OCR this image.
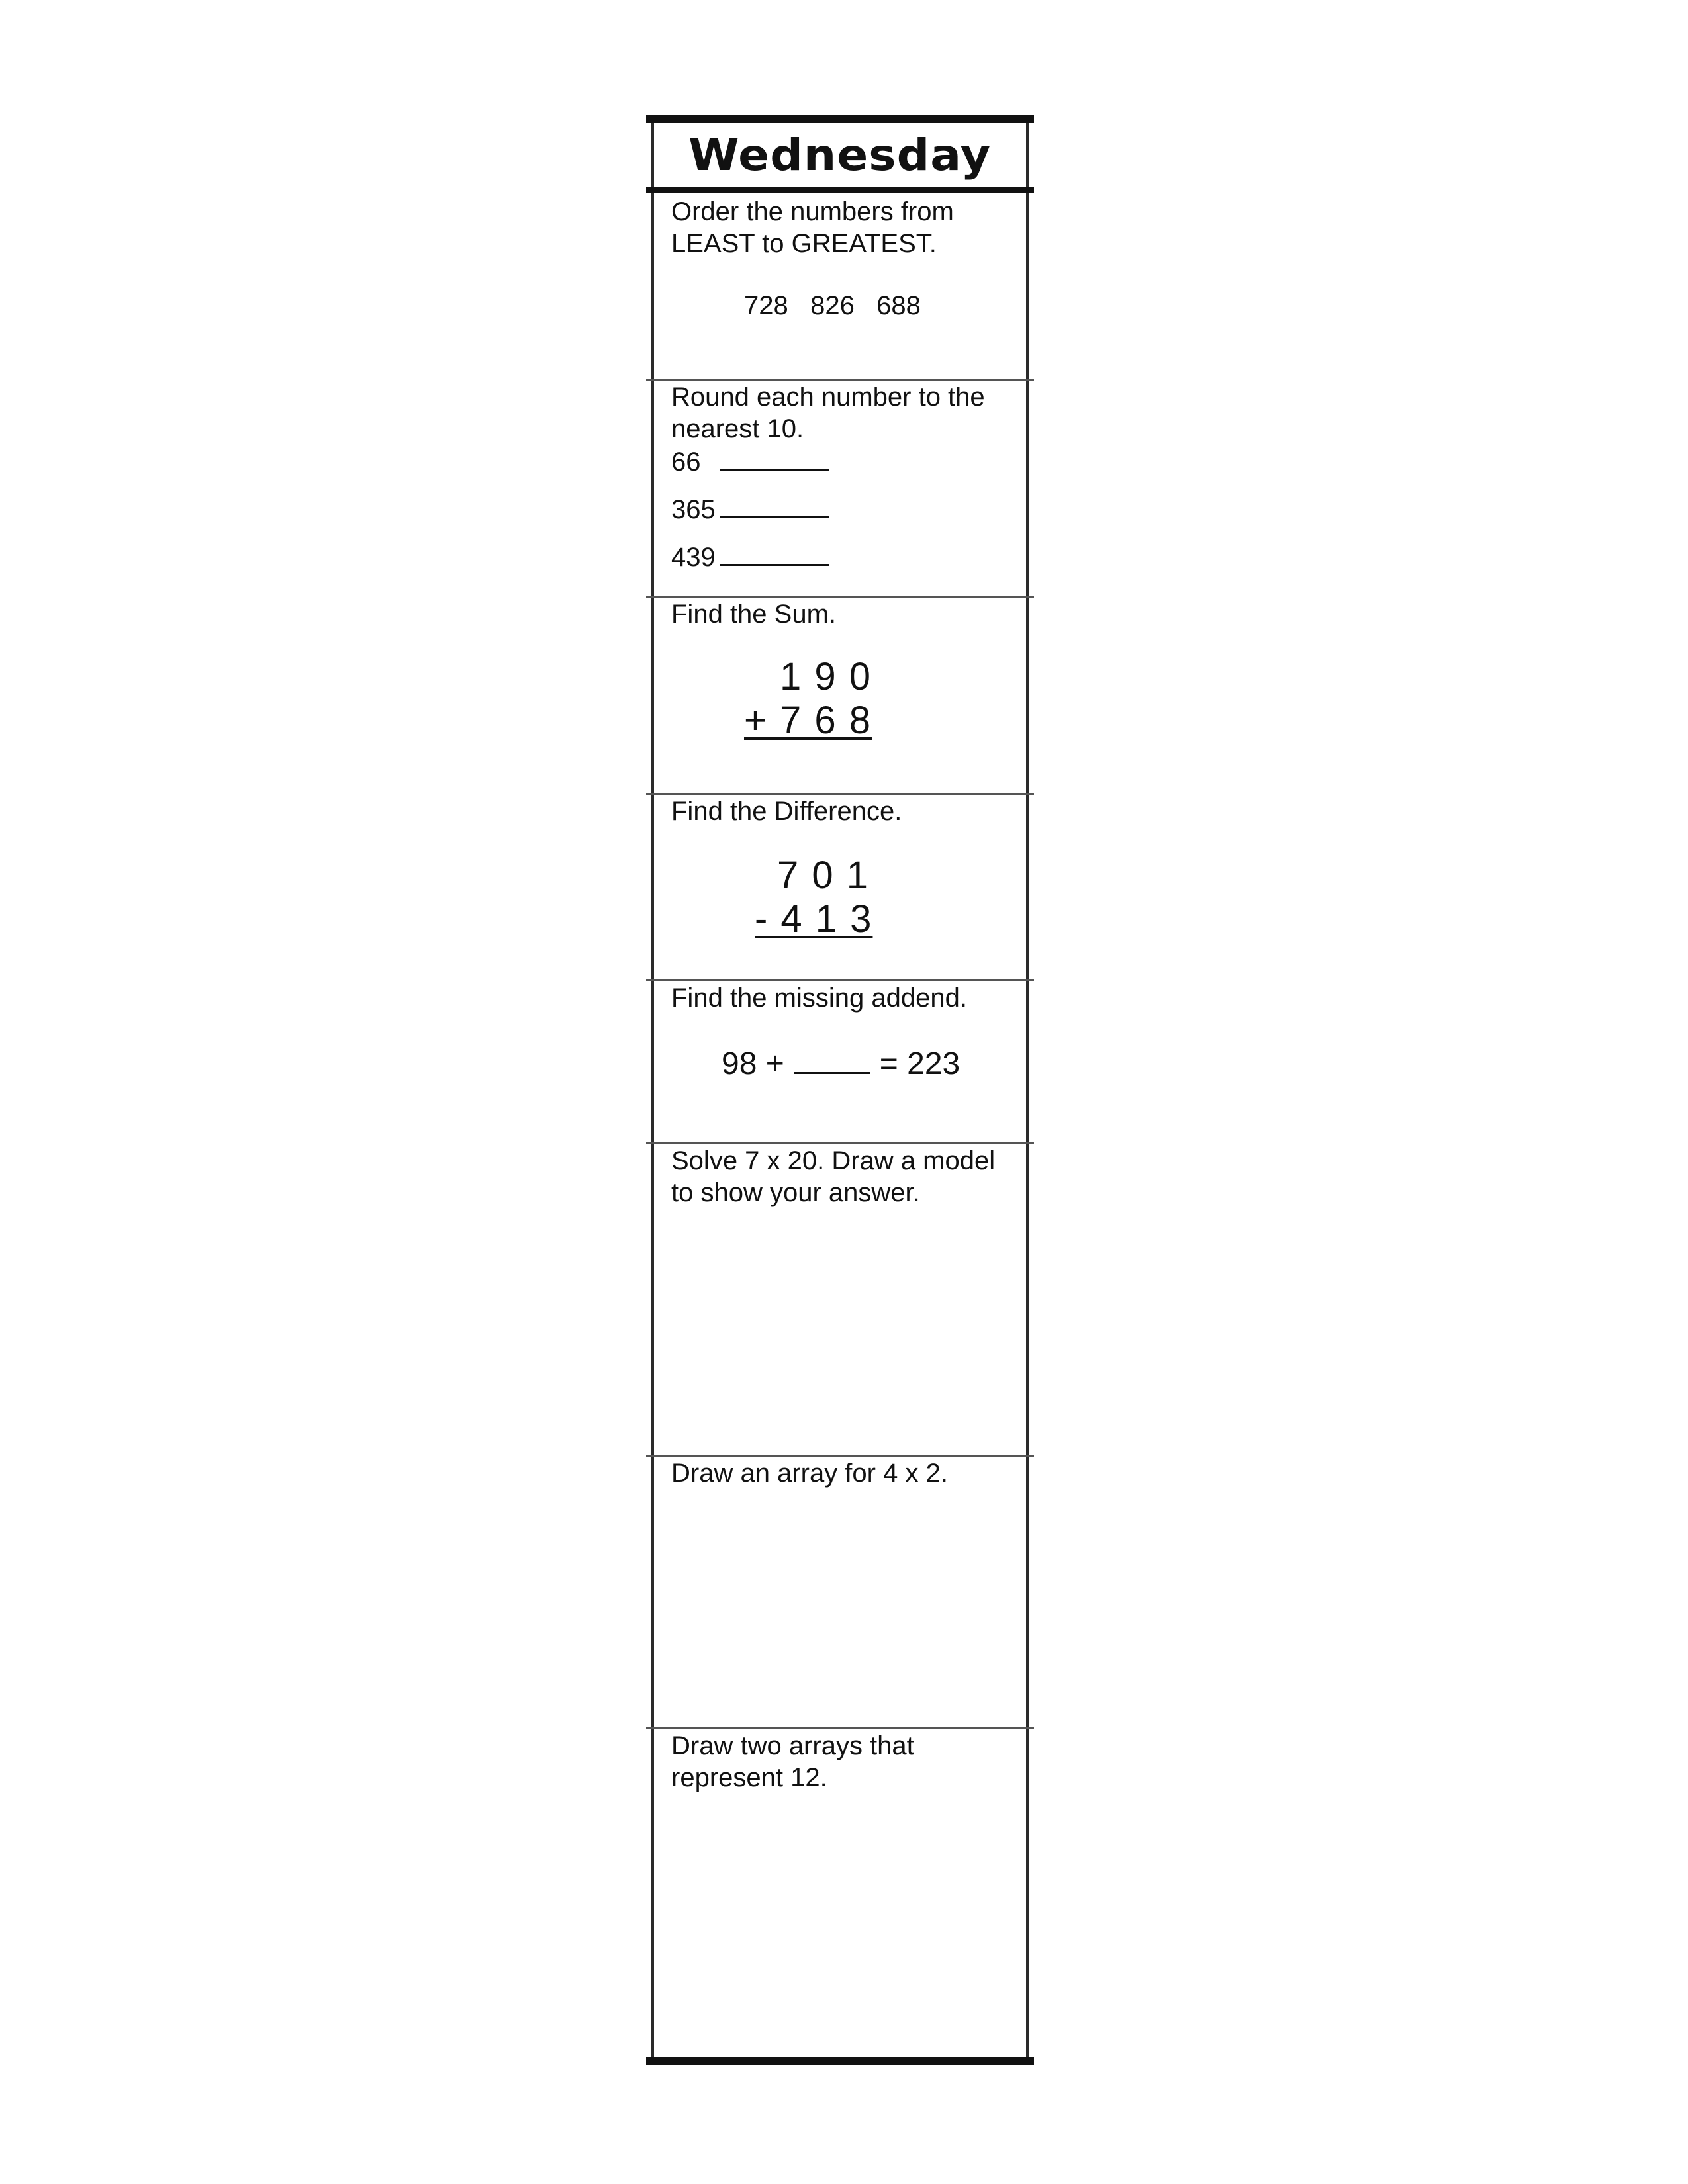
Wednesday
Order the numbers from LEAST to GREATEST.
728   826   688
Round each number to the nearest 10.
66
365
439
Find the Sum.
1 9 0
+ 7 6 8
Find the Difference.
7 0 1
- 4 1 3
Find the missing addend.
98 +	= 223
Solve 7 x 20. Draw a model to show your answer.
Draw an array for 4 x 2.
Draw two arrays that represent 12.
